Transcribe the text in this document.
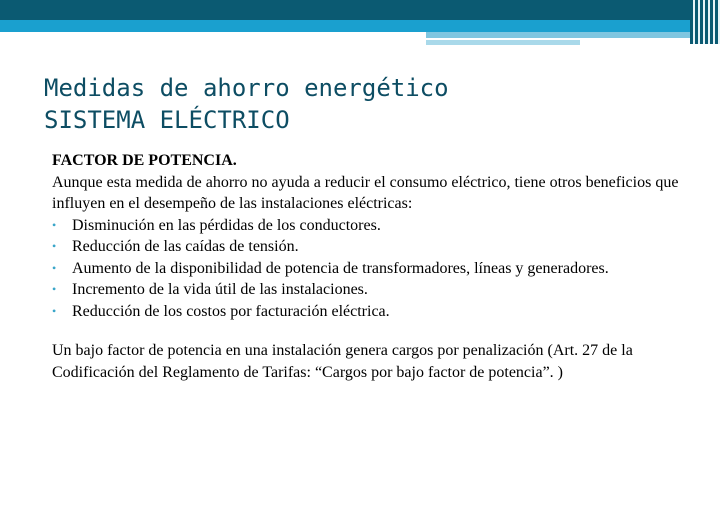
Medidas de ahorro energético
SISTEMA ELÉCTRICO

FACTOR DE POTENCIA.

Aunque esta medida de ahorro no ayuda a reducir el consumo eléctrico, tiene otros beneficios que influyen en el desempeño de las instalaciones eléctricas:

• Disminución en las pérdidas de los conductores.
• Reducción de las caídas de tensión.
• Aumento de la disponibilidad de potencia de transformadores, líneas y generadores.
• Incremento de la vida útil de las instalaciones.
• Reducción de los costos por facturación eléctrica.

Un bajo factor de potencia en una instalación genera cargos por penalización (Art. 27 de la Codificación del Reglamento de Tarifas: “Cargos por bajo factor de potencia”. )
